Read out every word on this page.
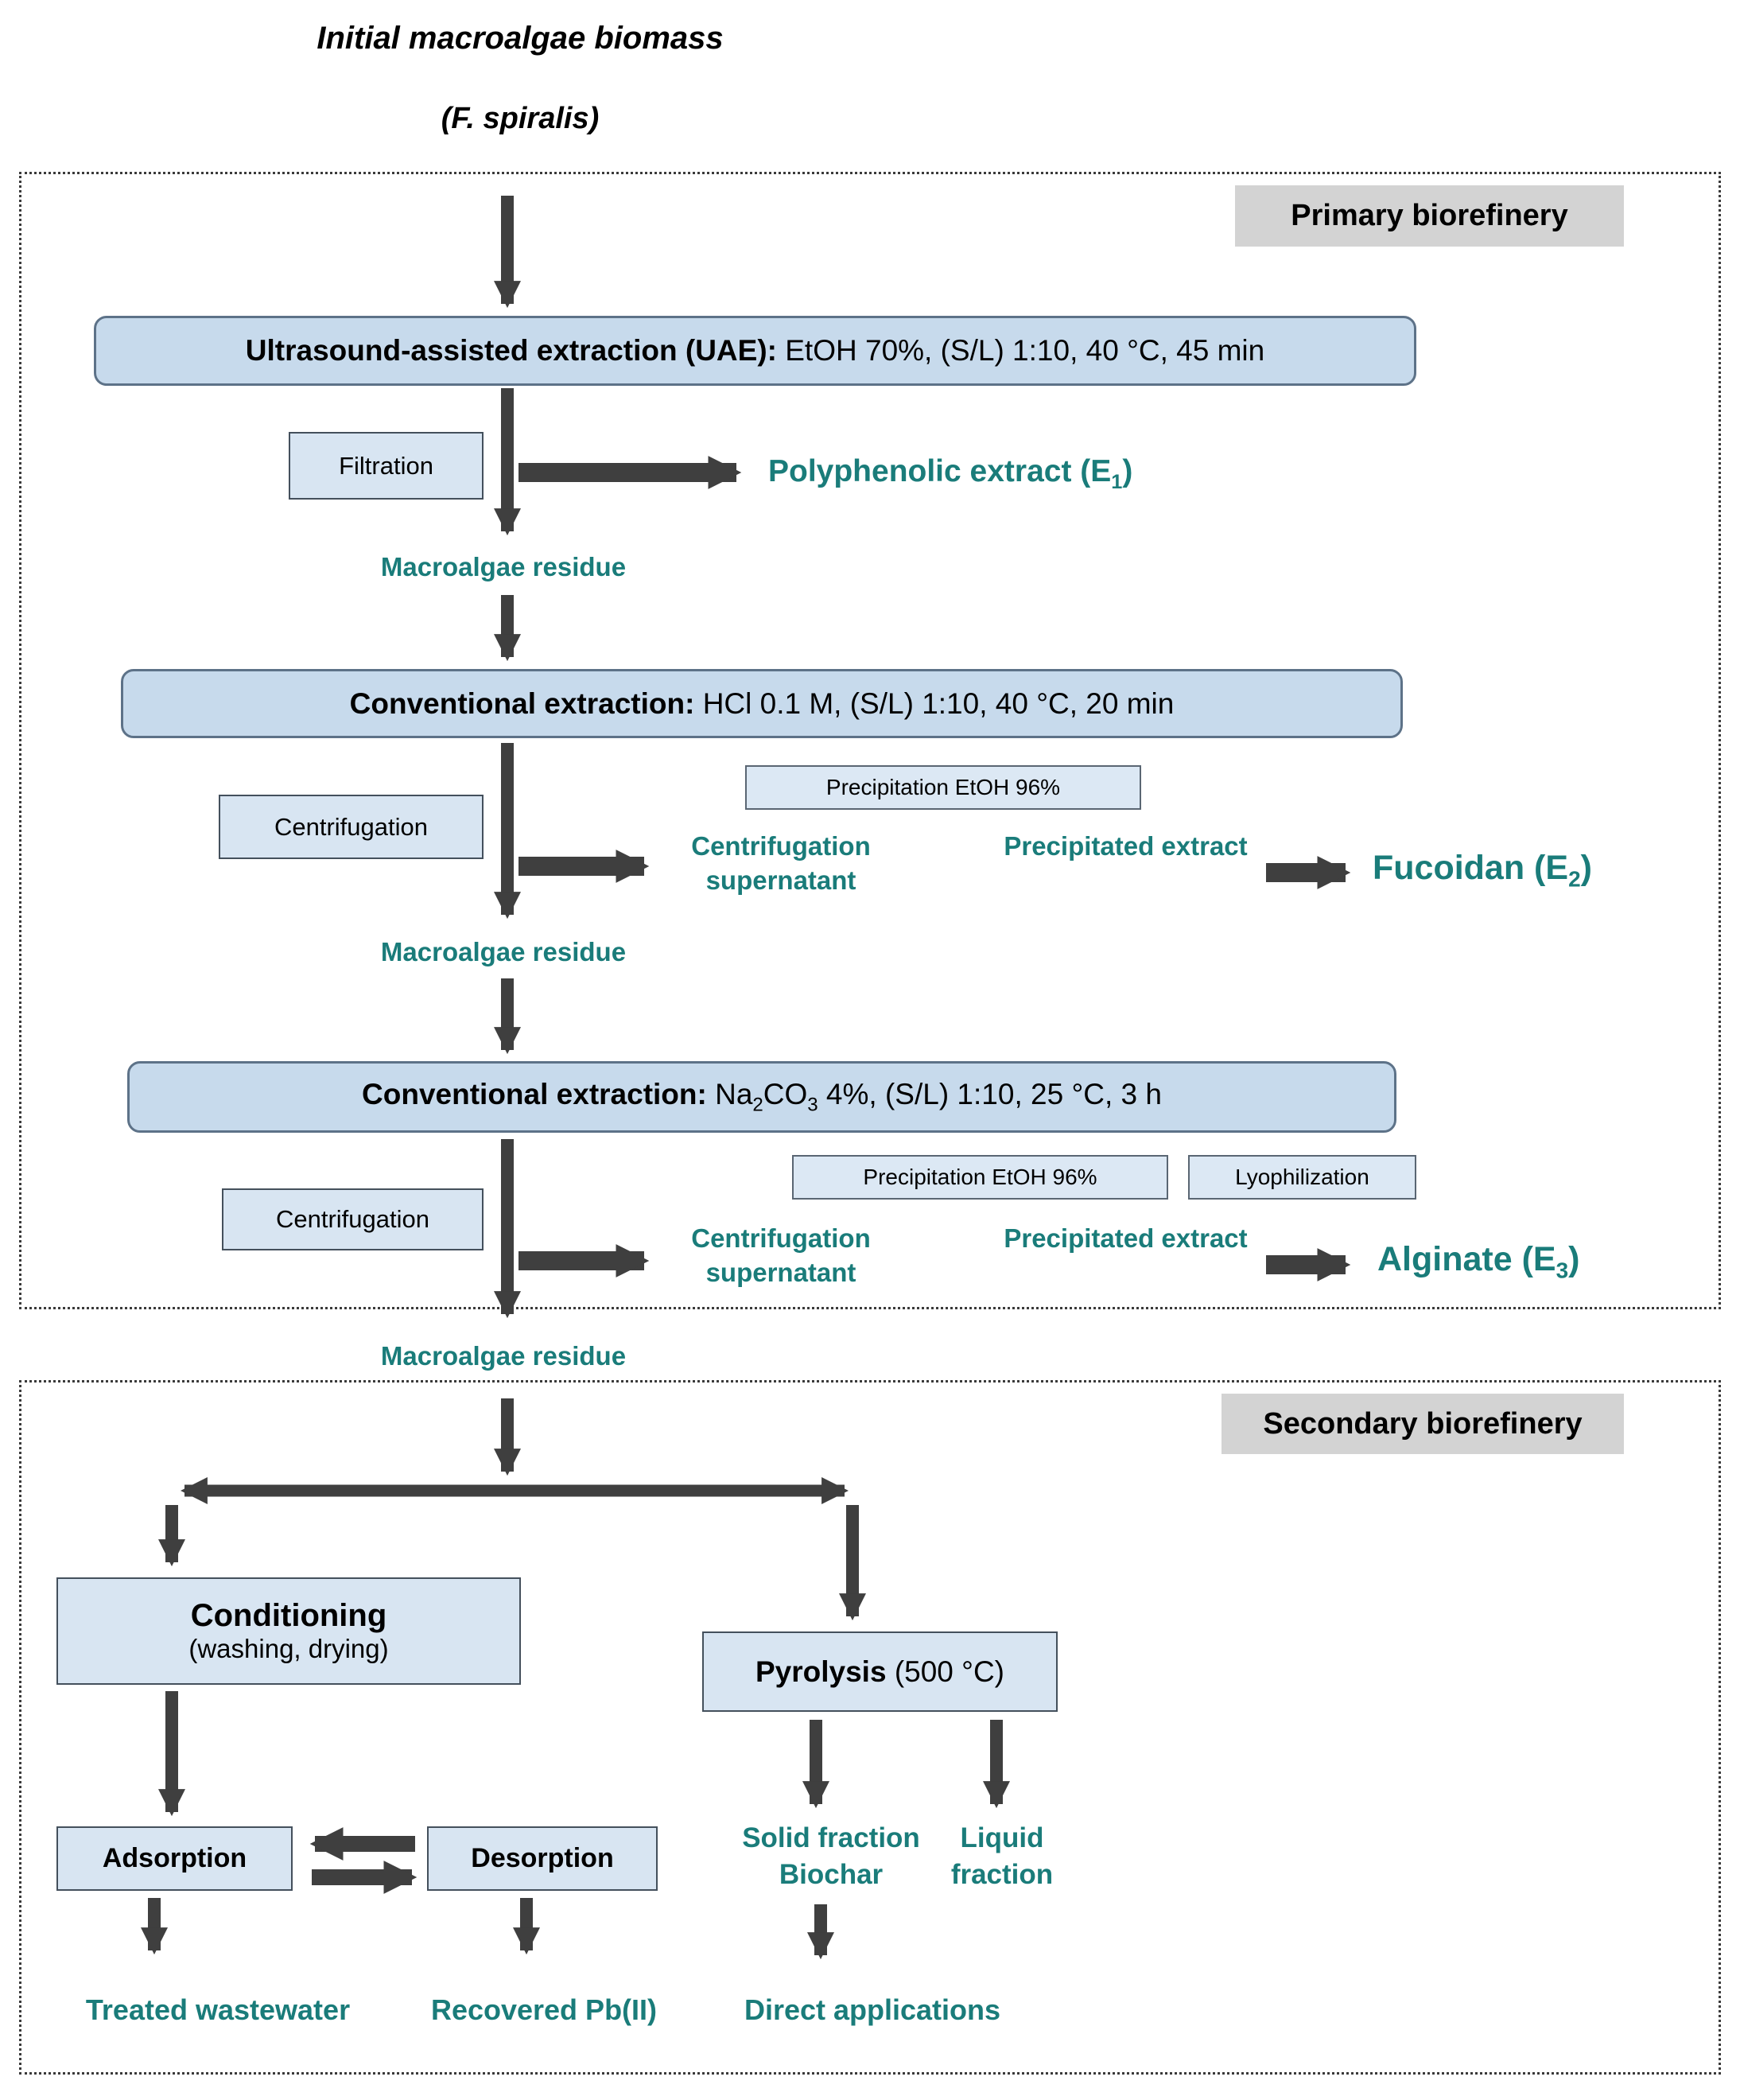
Initial macroalgae biomass
(F. spiralis)
Primary biorefinery
Secondary biorefinery
Ultrasound-assisted extraction (UAE): EtOH 70%, (S/L) 1:10, 40 °C, 45 min
Filtration	Polyphenolic extract $(E_1)$
Macroalgae residue
Conventional extraction: HCl 0.1 M, (S/L) 1:10, 40 °C, 20 min
Precipitation EtOH 96%
Centrifugation
Centrifugation supernatant
Precipitated extract
Fucoidan $(E_2)$
Macroalgae residue
Conventional extraction: $Na_2CO_3$ 4%, (S/L) 1:10, 25 °C, 3 h
Precipitation EtOH 96%	Lyophilization
Centrifugation
Centrifugation supernatant
Precipitated extract
Alginate $(E_3)$
Macroalgae residue
Conditioning
(washing, drying)
Pyrolysis (500 °C)
Adsorption	Desorption
Treated wastewater	Recovered Pb(II)
Solid fraction
Biochar
Liquid
fraction
Direct applications
